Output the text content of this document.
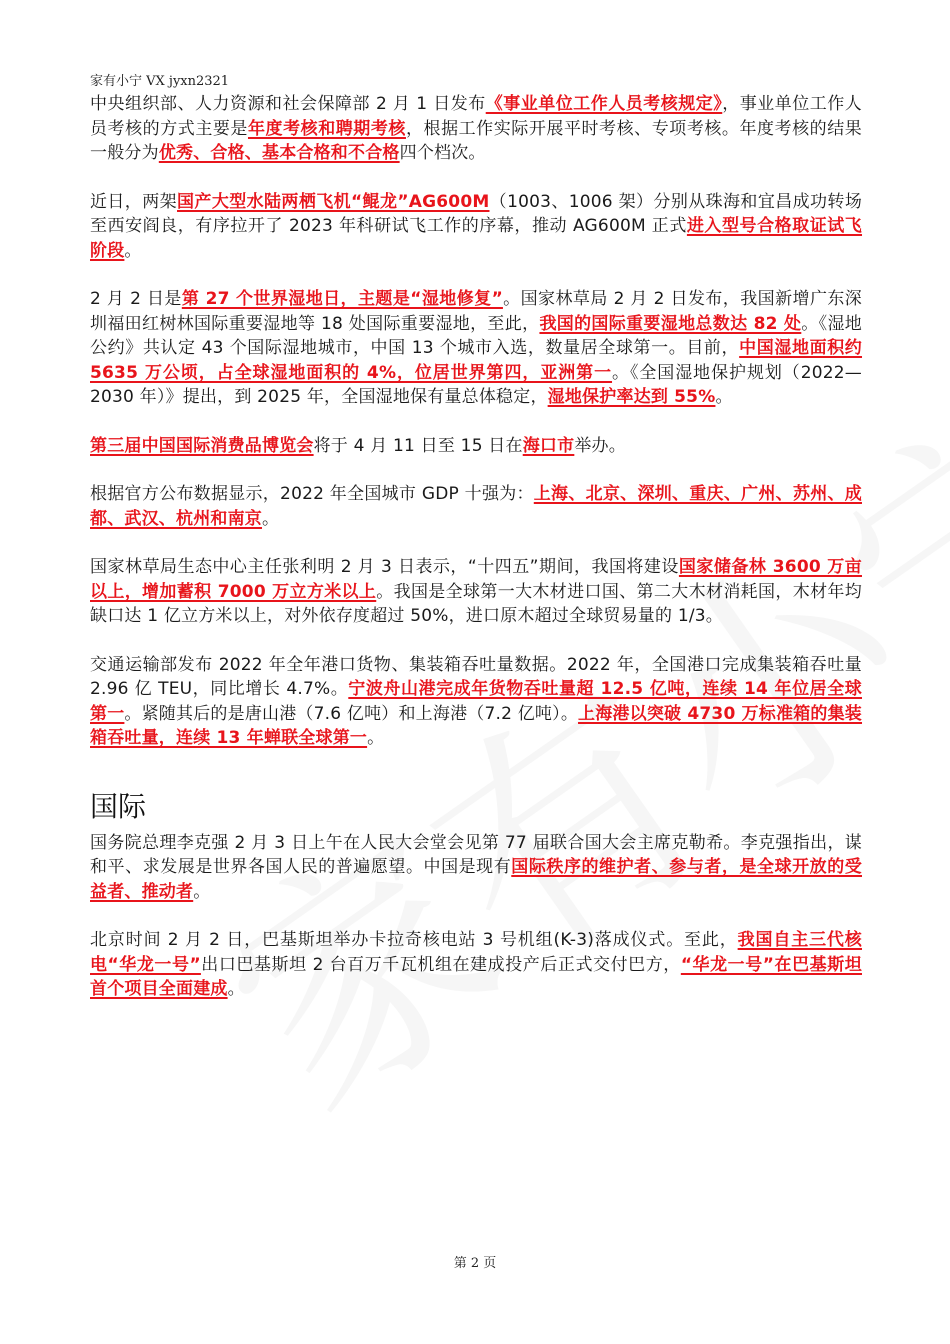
家有小宁 VX jyxn2321

中央组织部、人力资源和社会保障部 2 月 1 日发布《事业单位工作人员考核规定》，事业单位工作人员考核的方式主要是年度考核和聘期考核，根据工作实际开展平时考核、专项考核。年度考核的结果一般分为优秀、合格、基本合格和不合格四个档次。

近日，两架国产大型水陆两栖飞机“鲲龙”AG600M（1003、1006 架）分别从珠海和宜昌成功转场至西安阎良，有序拉开了 2023 年科研试飞工作的序幕，推动 AG600M 正式进入型号合格取证试飞阶段。

2 月 2 日是第 27 个世界湿地日，主题是“湿地修复”。国家林草局 2 月 2 日发布，我国新增广东深圳福田红树林国际重要湿地等 18 处国际重要湿地，至此，我国的国际重要湿地总数达 82 处。《湿地公约》共认定 43 个国际湿地城市，中国 13 个城市入选，数量居全球第一。目前，中国湿地面积约 5635 万公顷，占全球湿地面积的 4%，位居世界第四，亚洲第一。《全国湿地保护规划（2022—2030 年）》提出，到 2025 年，全国湿地保有量总体稳定，湿地保护率达到 55%。

第三届中国国际消费品博览会将于 4 月 11 日至 15 日在海口市举办。

根据官方公布数据显示，2022 年全国城市 GDP 十强为：上海、北京、深圳、重庆、广州、苏州、成都、武汉、杭州和南京。

国家林草局生态中心主任张利明 2 月 3 日表示，“十四五”期间，我国将建设国家储备林 3600 万亩以上，增加蓄积 7000 万立方米以上。我国是全球第一大木材进口国、第二大木材消耗国，木材年均缺口达 1 亿立方米以上，对外依存度超过 50%，进口原木超过全球贸易量的 1/3。

交通运输部发布 2022 年全年港口货物、集装箱吞吐量数据。2022 年，全国港口完成集装箱吞吐量 2.96 亿 TEU，同比增长 4.7%。宁波舟山港完成年货物吞吐量超 12.5 亿吨，连续 14 年位居全球第一。紧随其后的是唐山港（7.6 亿吨）和上海港（7.2 亿吨）。上海港以突破 4730 万标准箱的集装箱吞吐量，连续 13 年蝉联全球第一。

国际

国务院总理李克强 2 月 3 日上午在人民大会堂会见第 77 届联合国大会主席克勒希。李克强指出，谋和平、求发展是世界各国人民的普遍愿望。中国是现有国际秩序的维护者、参与者，是全球开放的受益者、推动者。

北京时间 2 月 2 日，巴基斯坦举办卡拉奇核电站 3 号机组(K-3)落成仪式。至此，我国自主三代核电“华龙一号”出口巴基斯坦 2 台百万千瓦机组在建成投产后正式交付巴方，“华龙一号”在巴基斯坦首个项目全面建成。

第 2 页
